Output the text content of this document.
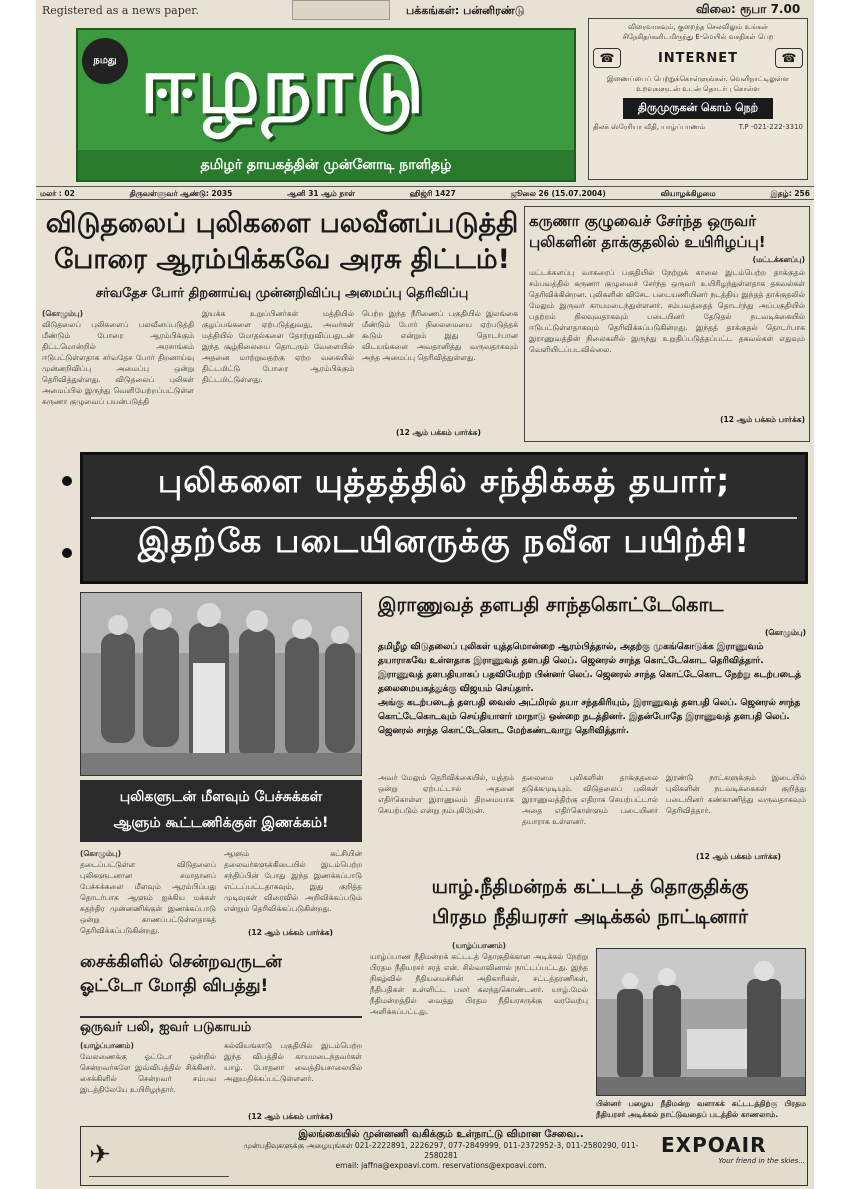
Registered as a news paper.	பக்கங்கள்: பன்னிரண்டு	விலை: ரூபா 7.00
நமது ஈழநாடு
தமிழர் தாயகத்தின் முன்னோடி நாளிதழ்
விரைவாகவும், குறைந்த செலவிலும் உங்கள் சிநேகிதர்களிடமிருந்து E-மெயில் வசதிகள் பெற
☎	INTERNET	☎
இணைப்பைப் பெற்றுக்கொள்ளுங்கள். வெளிநாட்டிலுள்ள உறவுகளுடன் உடன் தொடர்பு கொள்ள
திருமுருகன் கொம் நெற்
திலக் ஸ்ரேரியா வீதி, யாழ்ப்பாணம்	T.P -021-222-3310
மலர் : 02	திருவள்ளுவர் ஆண்டு: 2035	ஆனி 31 ஆம் நாள்	ஹிஜ்ரி 1427	ஜூலை 26 (15.07.2004)	வியாழக்கிழமை	இதழ்: 256
விடுதலைப் புலிகளை பலவீனப்படுத்தி
போரை ஆரம்பிக்கவே அரசு திட்டம்!
சர்வதேச போர் திறனாய்வு முன்னறிவிப்பு அமைப்பு தெரிவிப்பு
(கொழும்பு)
விடுதலைப் புலிகளைப் பலவீனப்படுத்தி மீண்டும் போரை ஆரம்பிக்கும் திட்டமொன்றில் அரசாங்கம் ஈடுபட்டுள்ளதாக சர்வதேச போர் திறனாய்வு முன்னறிவிப்பு அமைப்பு ஒன்று தெரிவித்துள்ளது. விடுதலைப் புலிகள் அமைப்பில் இருந்து வெளியேற்றப்பட்டுள்ள கருணா குழுவைப் பயன்படுத்தி
இயக்க உறுப்பினர்கள் மத்தியில் குழப்பங்களை ஏற்படுத்துவது, அவர்கள் மத்தியில் மோதல்களை தோற்றுவிப்பதுடன் இந்த சூழ்நிலையை தொடரும் வேளையில் அதனை மாற்றுவதற்கு ஏற்ற வகையில் திட்டமிட்டு போரை ஆரம்பிக்கும் திட்டமிட்டுள்ளது.
பெற்ற இந்த நீரிணைப் பகுதியில் இலங்கை மீண்டும் போர் நிலைமையை ஏற்படுத்தக் கூடும் என்றும் இது தொடர்பான விடயங்களை அவதானித்து வருவதாகவும் அந்த அமைப்பு தெரிவித்துள்ளது.
(12 ஆம் பக்கம் பார்க்க)
கருணா குழுவைச் சேர்ந்த ஒருவர் புலிகளின் தாக்குதலில் உயிரிழப்பு!
(மட்டக்களப்பு)
மட்டக்களப்பு வாகரைப் பகுதியில் நேற்றுக் காலை இடம்பெற்ற தாக்குதல் சம்பவத்தில் கருணா குழுவைச் சேர்ந்த ஒருவர் உயிரிழந்துள்ளதாக தகவல்கள் தெரிவிக்கின்றன. புலிகளின் விசேட படையணியினர் நடத்திய இந்தத் தாக்குதலில் மேலும் இருவர் காயமடைந்துள்ளனர். சம்பவத்தைத் தொடர்ந்து அப்பகுதியில் பதற்றம் நிலவுவதாகவும் படையினர் தேடுதல் நடவடிக்கையில் ஈடுபட்டுள்ளதாகவும் தெரிவிக்கப்படுகின்றது. இந்தத் தாக்குதல் தொடர்பாக இராணுவத்தின் நிலைகளில் இருந்து உறுதிப்படுத்தப்பட்ட தகவல்கள் எதுவும் வெளியிடப்படவில்லை.
(12 ஆம் பக்கம் பார்க்க)
புலிகளை யுத்தத்தில் சந்திக்கத் தயார்;
இதற்கே படையினருக்கு நவீன பயிற்சி!
புலிகளுடன் மீளவும் பேச்சுக்கள்
ஆளும் கூட்டணிக்குள் இணக்கம்!
(கொழும்பு)
தடைப்பட்டுள்ள விடுதலைப் புலிகளுடனான சமாதானப் பேச்சுக்களை மீளவும் ஆரம்பிப்பது தொடர்பாக ஆளும் ஐக்கிய மக்கள் சுதந்திர முன்னணிக்குள் இணக்கப்பாடு ஒன்று காணப்பட்டுள்ளதாகத் தெரிவிக்கப்படுகின்றது.
ஆளும் கட்சியின் தலைவர்களுக்கிடையில் இடம்பெற்ற சந்திப்பின் போது இந்த இணக்கப்பாடு எட்டப்பட்டதாகவும், இது குறித்த முடிவுகள் விரைவில் அறிவிக்கப்படும் என்றும் தெரிவிக்கப்படுகின்றது.
(12 ஆம் பக்கம் பார்க்க)
இராணுவத் தளபதி சாந்தகொட்டேகொட
(கொழும்பு)

தமிழீழ விடுதலைப் புலிகள் யுத்தமொன்றை ஆரம்பித்தால், அதற்கு முகங்கொடுக்க இராணுவம் தயாராகவே உள்ளதாக இராணுவத் தளபதி லெப். ஜெனரல் சாந்த கொட்டேகொட தெரிவித்தார்.

இராணுவத் தளபதியாகப் பதவியேற்ற பின்னர் லெப். ஜெனரல் சாந்த கொட்டேகொட நேற்று கடற்படைத் தலைமையகத்துக்கு விஜயம் செய்தார்.

அங்கு கடற்படைத் தளபதி வைஸ் அட்மிரல் தயா சந்தகிரியும், இராணுவத் தளபதி லெப். ஜெனரல் சாந்த கொட்டேகொடவும் செய்தியாளர் மாநாடு ஒன்றை நடத்தினர். இதன்போதே இராணுவத் தளபதி லெப். ஜெனரல் சாந்த கொட்டேகொட மேற்கண்டவாறு தெரிவித்தார்.

அவர் மேலும் தெரிவிக்கையில், யுத்தம் ஒன்று ஏற்பட்டால் அதனை எதிர்கொள்ள இராணுவம் திறமையாக செயற்படும் என்று நம்புகிறேன்.
தலைமை புலிகளின் தாக்குதலை தடுக்கமுடியும். விடுதலைப் புலிகள் இராணுவத்திற்கு எதிராக செயற்பட்டால் அதை எதிர்கொள்ளும் படையினர் தயாராக உள்ளனர்.
இரண்டு நாட்களுக்கும் இடையில் புலிகளின் நடவடிக்கைகள் குறித்து படையினர் கண்காணித்து வருவதாகவும் தெரிவித்தார்.
(12 ஆம் பக்கம் பார்க்க)
யாழ்.நீதிமன்றக் கட்டடத் தொகுதிக்கு
பிரதம நீதியரசர் அடிக்கல் நாட்டினார்
(யாழ்ப்பாணம்)
யாழ்ப்பாண நீதிமன்றக் கட்டடத் தொகுதிக்கான அடிக்கல் நேற்று பிரதம நீதியரசர் சரத் என். சில்வாவினால் நாட்டப்பட்டது. இந்த நிகழ்வில் நீதியமைச்சின் அதிகாரிகள், சட்டத்தரணிகள், நீதிபதிகள் உள்ளிட்ட பலர் கலந்துகொண்டனர். யாழ்.மேல் நீதிமன்றத்தில் வைத்து பிரதம நீதியரசருக்கு வரவேற்பு அளிக்கப்பட்டது.
பின்னர் பழைய நீதிமன்ற வளாகக் கட்டடத்திற்கு பிரதம நீதியரசர் அடிக்கல் நாட்டுவதைப் படத்தில் காணலாம்.
சைக்கிளில் சென்றவருடன்
ஓட்டோ மோதி விபத்து!
ஒருவர் பலி, ஐவர் படுகாயம்
(யாழ்ப்பாணம்)
வேலணைக்கு ஓட்டோ ஒன்றில் சென்றவர்களே இவ்விபத்தில் சிக்கினர். சைக்கிளில் சென்றவர் சம்பவ இடத்திலேயே உயிரிழந்தார்.
கல்வியங்காடு பகுதியில் இடம்பெற்ற இந்த விபத்தில் காயமடைந்தவர்கள் யாழ். போதனா வைத்தியசாலையில் அனுமதிக்கப்பட்டுள்ளனர்.
(12 ஆம் பக்கம் பார்க்க)
✈
இலங்கையில் முன்னணி வகிக்கும் உள்நாட்டு விமான சேவை..
முன்பதிவுகளுக்கு அழையுங்கள் 021-2222891, 2226297, 077-2849999, 011-2372952-3, 011-2580290, 011-2580281
email: jaffna@expoavi.com. reservations@expoavi.com.
EXPOAIR
Your friend in the skies...
